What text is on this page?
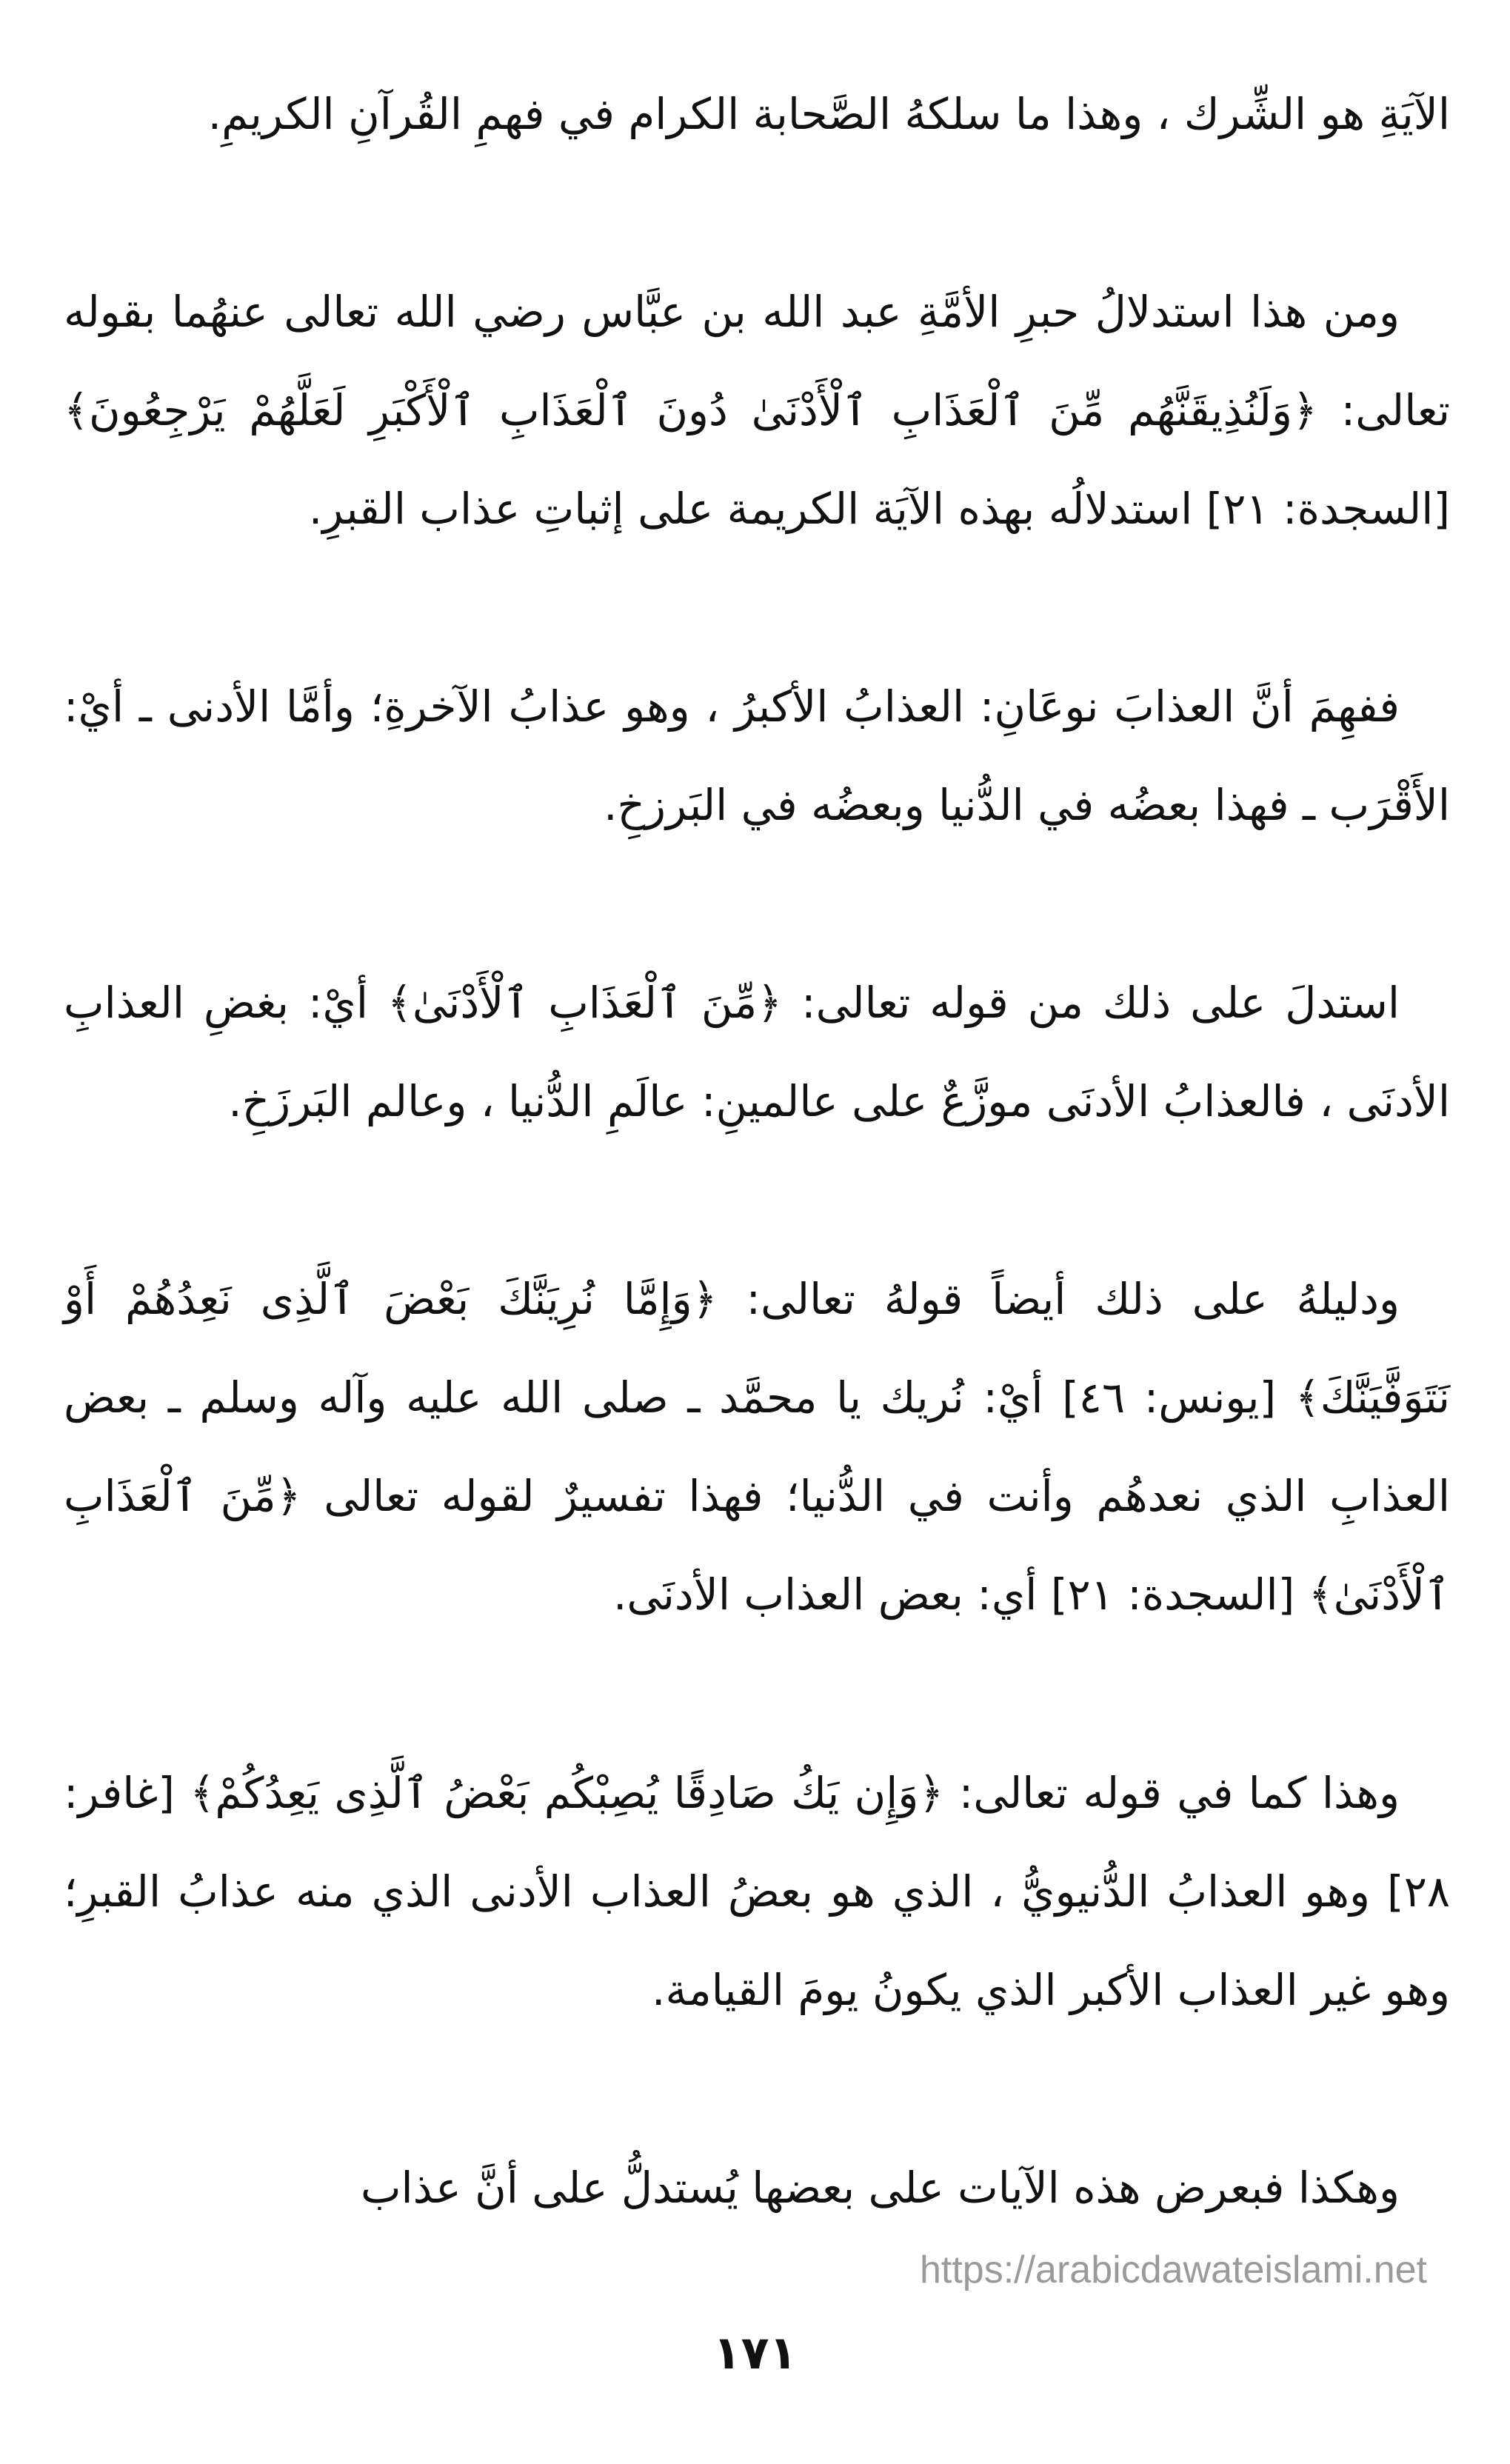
الآيَةِ هو الشِّرك ، وهذا ما سلكهُ الصَّحابة الكرام في فهمِ القُرآنِ الكريمِ.

ومن هذا استدلالُ حبرِ الأمَّةِ عبد الله بن عبَّاس رضي الله تعالى عنهُما بقوله تعالى: ﴿وَلَنُذِيقَنَّهُم مِّنَ ٱلْعَذَابِ ٱلْأَدْنَىٰ دُونَ ٱلْعَذَابِ ٱلْأَكْبَرِ لَعَلَّهُمْ يَرْجِعُونَ﴾ [السجدة: ٢١] استدلالُه بهذه الآيَة الكريمة على إثباتِ عذاب القبرِ.

ففهِمَ أنَّ العذابَ نوعَانِ: العذابُ الأكبرُ ، وهو عذابُ الآخرةِ؛ وأمَّا الأدنى ـ أيْ: الأَقْرَب ـ فهذا بعضُه في الدُّنيا وبعضُه في البَرزخِ.

استدلَ على ذلك من قوله تعالى: ﴿مِّنَ ٱلْعَذَابِ ٱلْأَدْنَىٰ﴾ أيْ: بغضِ العذابِ الأدنَى ، فالعذابُ الأدنَى موزَّعٌ على عالمينِ: عالَمِ الدُّنيا ، وعالم البَرزَخِ.

ودليلهُ على ذلك أيضاً قولهُ تعالى: ﴿وَإِمَّا نُرِيَنَّكَ بَعْضَ ٱلَّذِى نَعِدُهُمْ أَوْ نَتَوَفَّيَنَّكَ﴾ [يونس: ٤٦] أيْ: نُريك يا محمَّد ـ صلى الله عليه وآله وسلم ـ بعض العذابِ الذي نعدهُم وأنت في الدُّنيا؛ فهذا تفسيرٌ لقوله تعالى ﴿مِّنَ ٱلْعَذَابِ ٱلْأَدْنَىٰ﴾ [السجدة: ٢١] أي: بعض العذاب الأدنَى.

وهذا كما في قوله تعالى: ﴿وَإِن يَكُ صَادِقًا يُصِبْكُم بَعْضُ ٱلَّذِى يَعِدُكُمْ﴾ [غافر: ٢٨] وهو العذابُ الدُّنيويُّ ، الذي هو بعضُ العذاب الأدنى الذي منه عذابُ القبرِ؛ وهو غير العذاب الأكبر الذي يكونُ يومَ القيامة.

وهكذا فبعرض هذه الآيات على بعضها يُستدلُّ على أنَّ عذاب

https://arabicdawateislami.net
١٧١
